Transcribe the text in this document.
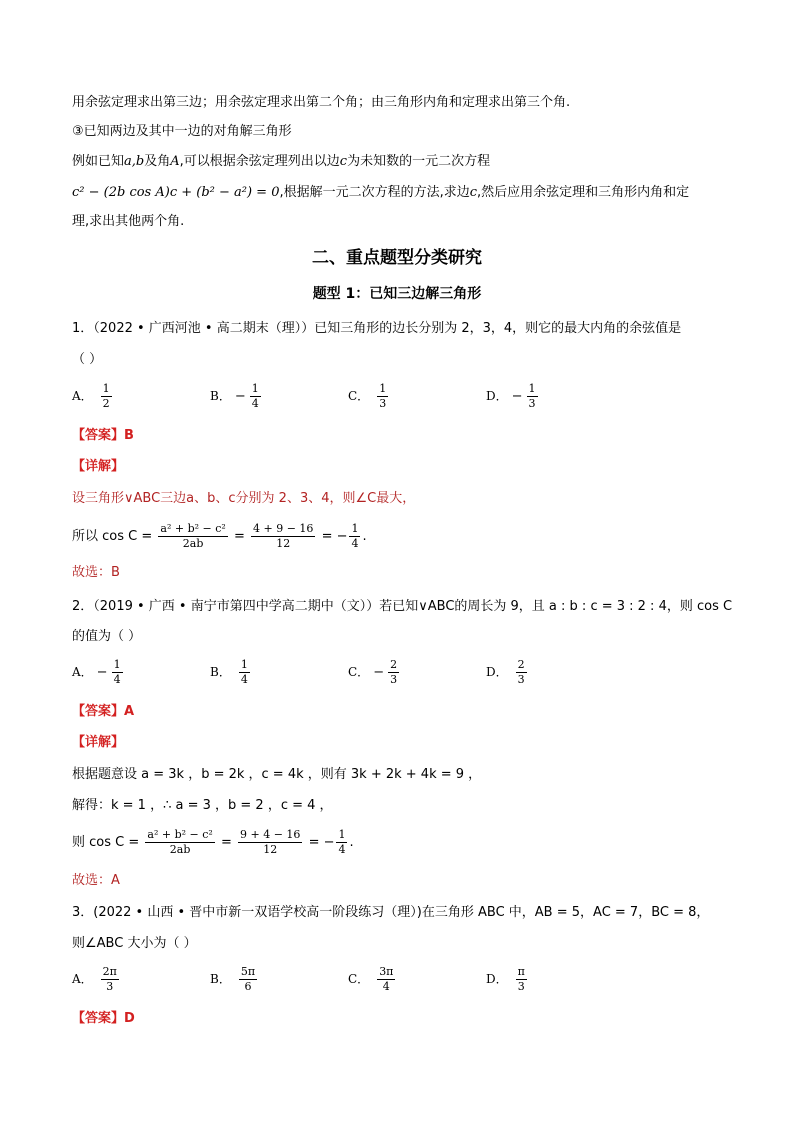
用余弦定理求出第三边；用余弦定理求出第二个角；由三角形内角和定理求出第三个角.
③已知两边及其中一边的对角解三角形
例如已知a,b及角A,可以根据余弦定理列出以边c为未知数的一元二次方程
c² − (2b cos A)c + (b² − a²) = 0,根据解一元二次方程的方法,求边c,然后应用余弦定理和三角形内角和定
理,求出其他两个角.
二、重点题型分类研究
题型 1：已知三边解三角形
1．（2022 • 广西河池 • 高二期末（理））已知三角形的边长分别为 2，3，4，则它的最大内角的余弦值是
（ ）
A． $\frac{1}{2}$	B． − $\frac{1}{4}$	C． $\frac{1}{3}$	D． − $\frac{1}{3}$
【答案】B
【详解】
设三角形∨ABC三边a、b、c分别为 2、3、4，则∠C最大，
所以 $\cos C = \frac{\text{a² + b² − c²}}{2ab} = \frac{4 + 9 - 16}{12}$ = − $\frac{1}{4}$ .
故选：B
2．（2019 • 广西 • 南宁市第四中学高二期中（文））若已知∨ABC的周长为 9，且 a : b : c = 3 : 2 : 4，则 cos C
的值为（ ）
A． − $\frac{1}{4}$	B． $\frac{1}{4}$	C． − $\frac{2}{3}$	D． $\frac{2}{3}$
【答案】A
【详解】
根据题意设 a = 3k ，b = 2k ，c = 4k ，则有 3k + 2k + 4k = 9 ，
解得：k = 1 ，∴ a = 3 ，b = 2 ，c = 4 ，
则 $\cos C = \frac{\text{a² + b² − c²}}{2ab} = \frac{9 + 4 - 16}{12}$ = − $\frac{1}{4}$ .
故选：A
3．(2022 • 山西 • 晋中市新一双语学校高一阶段练习（理）)在三角形 ABC 中，AB = 5，AC = 7，BC = 8，
则∠ABC 大小为（ ）
A． $\frac{2\pi}{3}$	B． $\frac{5\pi}{6}$	C． $\frac{3\pi}{4}$	D． $\frac{\pi}{3}$
【答案】D
